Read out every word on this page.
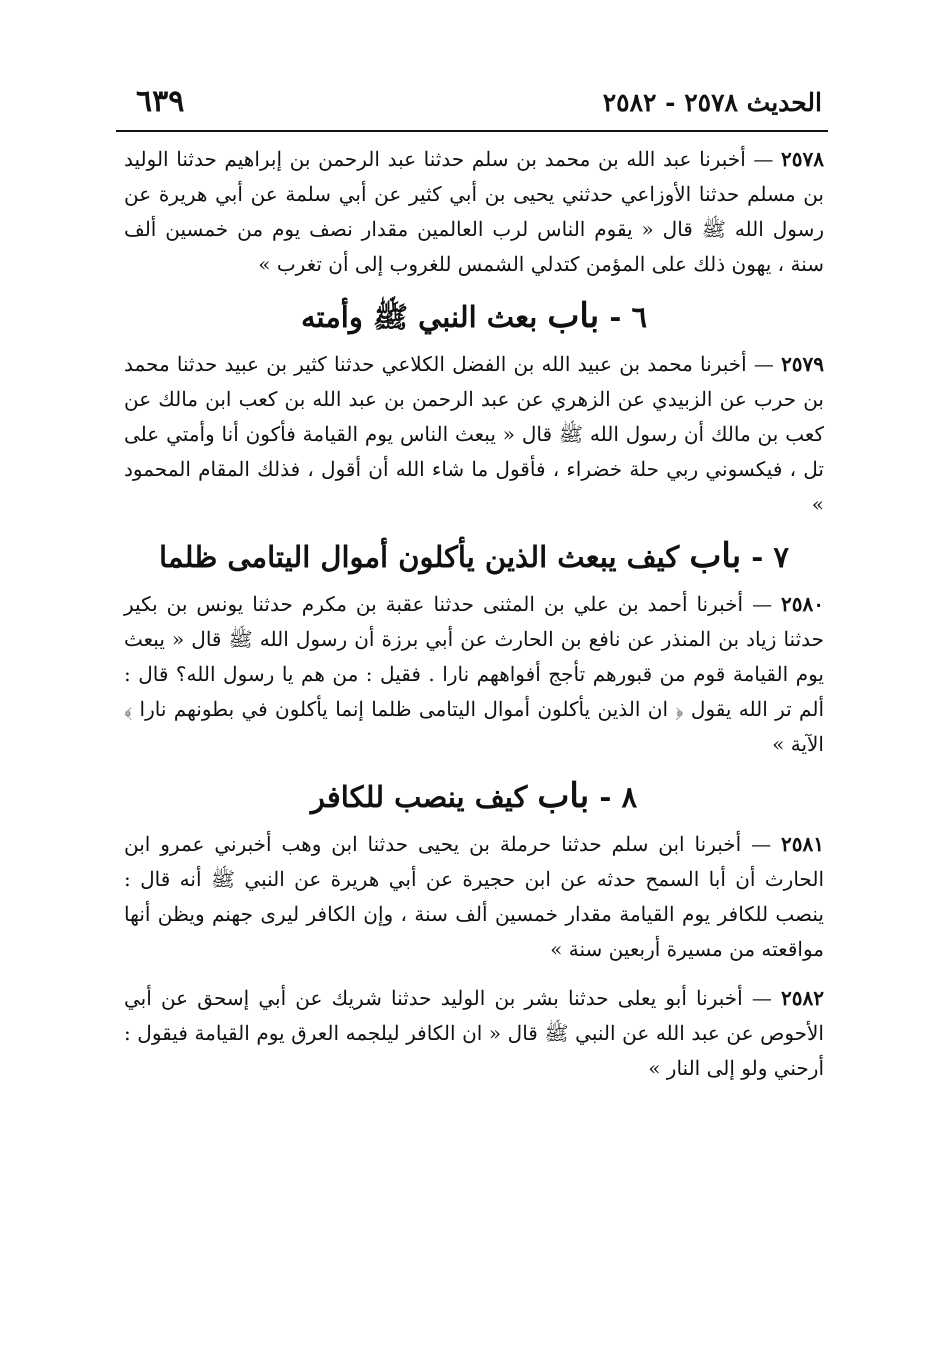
الحديث ٢٥٧٨ - ٢٥٨٢
٦٣٩

٢٥٧٨ — أخبرنا عبد الله بن محمد بن سلم حدثنا عبد الرحمن بن إبراهيم حدثنا الوليد بن مسلم حدثنا الأوزاعي حدثني يحيى بن أبي كثير عن أبي سلمة عن أبي هريرة عن رسول الله ﷺ قال « يقوم الناس لرب العالمين مقدار نصف يوم من خمسين ألف سنة ، يهون ذلك على المؤمن كتدلي الشمس للغروب إلى أن تغرب »

٦ - باب بعث النبي ﷺ وأمته

٢٥٧٩ — أخبرنا محمد بن عبيد الله بن الفضل الكلاعي حدثنا كثير بن عبيد حدثنا محمد بن حرب عن الزبيدي عن الزهري عن عبد الرحمن بن عبد الله بن كعب ابن مالك عن كعب بن مالك أن رسول الله ﷺ قال « يبعث الناس يوم القيامة فأكون أنا وأمتي على تل ، فيكسوني ربي حلة خضراء ، فأقول ما شاء الله أن أقول ، فذلك المقام المحمود »

٧ - باب كيف يبعث الذين يأكلون أموال اليتامى ظلما

٢٥٨٠ — أخبرنا أحمد بن علي بن المثنى حدثنا عقبة بن مكرم حدثنا يونس بن بكير حدثنا زياد بن المنذر عن نافع بن الحارث عن أبي برزة أن رسول الله ﷺ قال « يبعث يوم القيامة قوم من قبورهم تأجج أفواههم نارا . فقيل : من هم يا رسول الله؟ قال : ألم تر الله يقول ﴿ ان الذين يأكلون أموال اليتامى ظلما إنما يأكلون في بطونهم نارا ﴾ الآية »

٨ - باب كيف ينصب للكافر

٢٥٨١ — أخبرنا ابن سلم حدثنا حرملة بن يحيى حدثنا ابن وهب أخبرني عمرو ابن الحارث أن أبا السمح حدثه عن ابن حجيرة عن أبي هريرة عن النبي ﷺ أنه قال : ينصب للكافر يوم القيامة مقدار خمسين ألف سنة ، وإن الكافر ليرى جهنم ويظن أنها مواقعته من مسيرة أربعين سنة »

٢٥٨٢ — أخبرنا أبو يعلى حدثنا بشر بن الوليد حدثنا شريك عن أبي إسحق عن أبي الأحوص عن عبد الله عن النبي ﷺ قال « ان الكافر ليلجمه العرق يوم القيامة فيقول : أرحني ولو إلى النار »
